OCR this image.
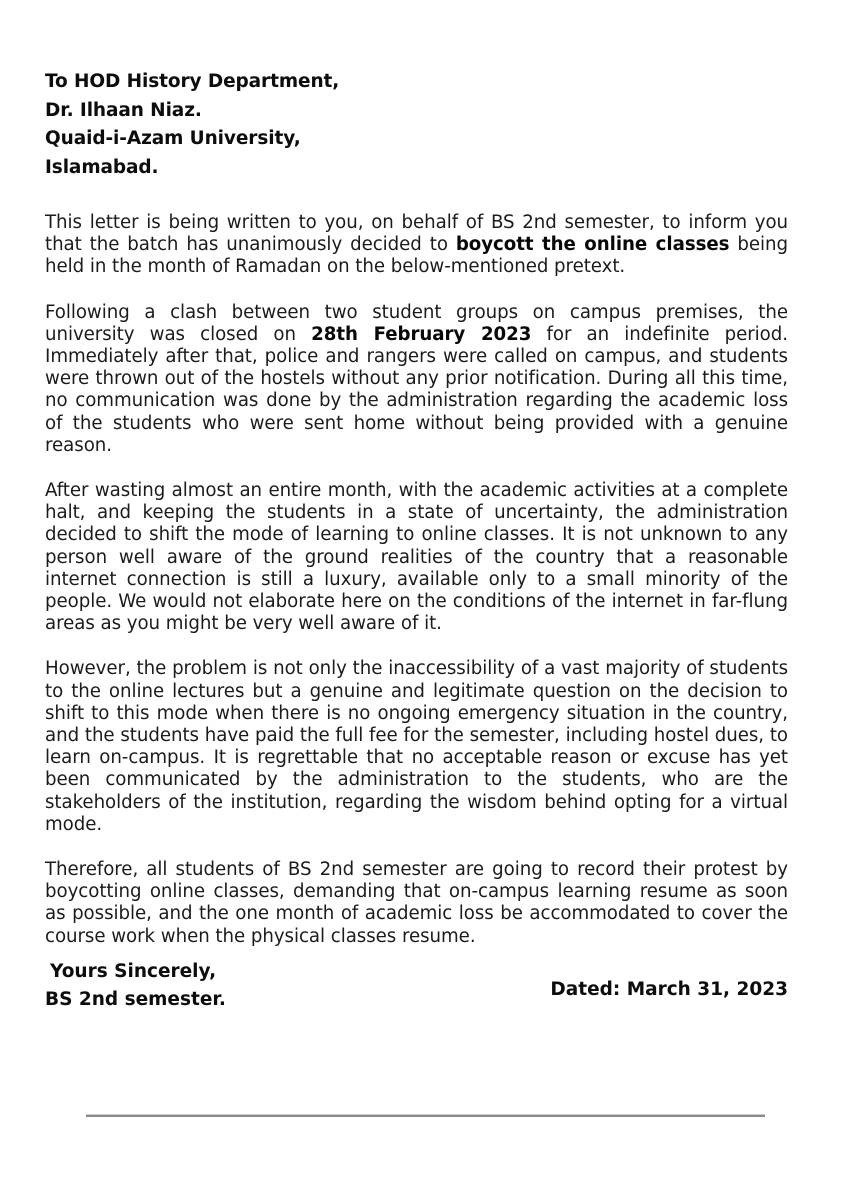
To HOD History Department,
Dr. Ilhaan Niaz.
Quaid-i-Azam University,
Islamabad.

This letter is being written to you, on behalf of BS 2nd semester, to inform you that the batch has unanimously decided to boycott the online classes being held in the month of Ramadan on the below-mentioned pretext.

Following a clash between two student groups on campus premises, the university was closed on 28th February 2023 for an indefinite period. Immediately after that, police and rangers were called on campus, and students were thrown out of the hostels without any prior notification. During all this time, no communication was done by the administration regarding the academic loss of the students who were sent home without being provided with a genuine reason.

After wasting almost an entire month, with the academic activities at a complete halt, and keeping the students in a state of uncertainty, the administration decided to shift the mode of learning to online classes. It is not unknown to any person well aware of the ground realities of the country that a reasonable internet connection is still a luxury, available only to a small minority of the people. We would not elaborate here on the conditions of the internet in far-flung areas as you might be very well aware of it.

However, the problem is not only the inaccessibility of a vast majority of students to the online lectures but a genuine and legitimate question on the decision to shift to this mode when there is no ongoing emergency situation in the country, and the students have paid the full fee for the semester, including hostel dues, to learn on-campus. It is regrettable that no acceptable reason or excuse has yet been communicated by the administration to the students, who are the stakeholders of the institution, regarding the wisdom behind opting for a virtual mode.

Therefore, all students of BS 2nd semester are going to record their protest by boycotting online classes, demanding that on-campus learning resume as soon as possible, and the one month of academic loss be accommodated to cover the course work when the physical classes resume.

Yours Sincerely,
BS 2nd semester.	Dated: March 31, 2023
